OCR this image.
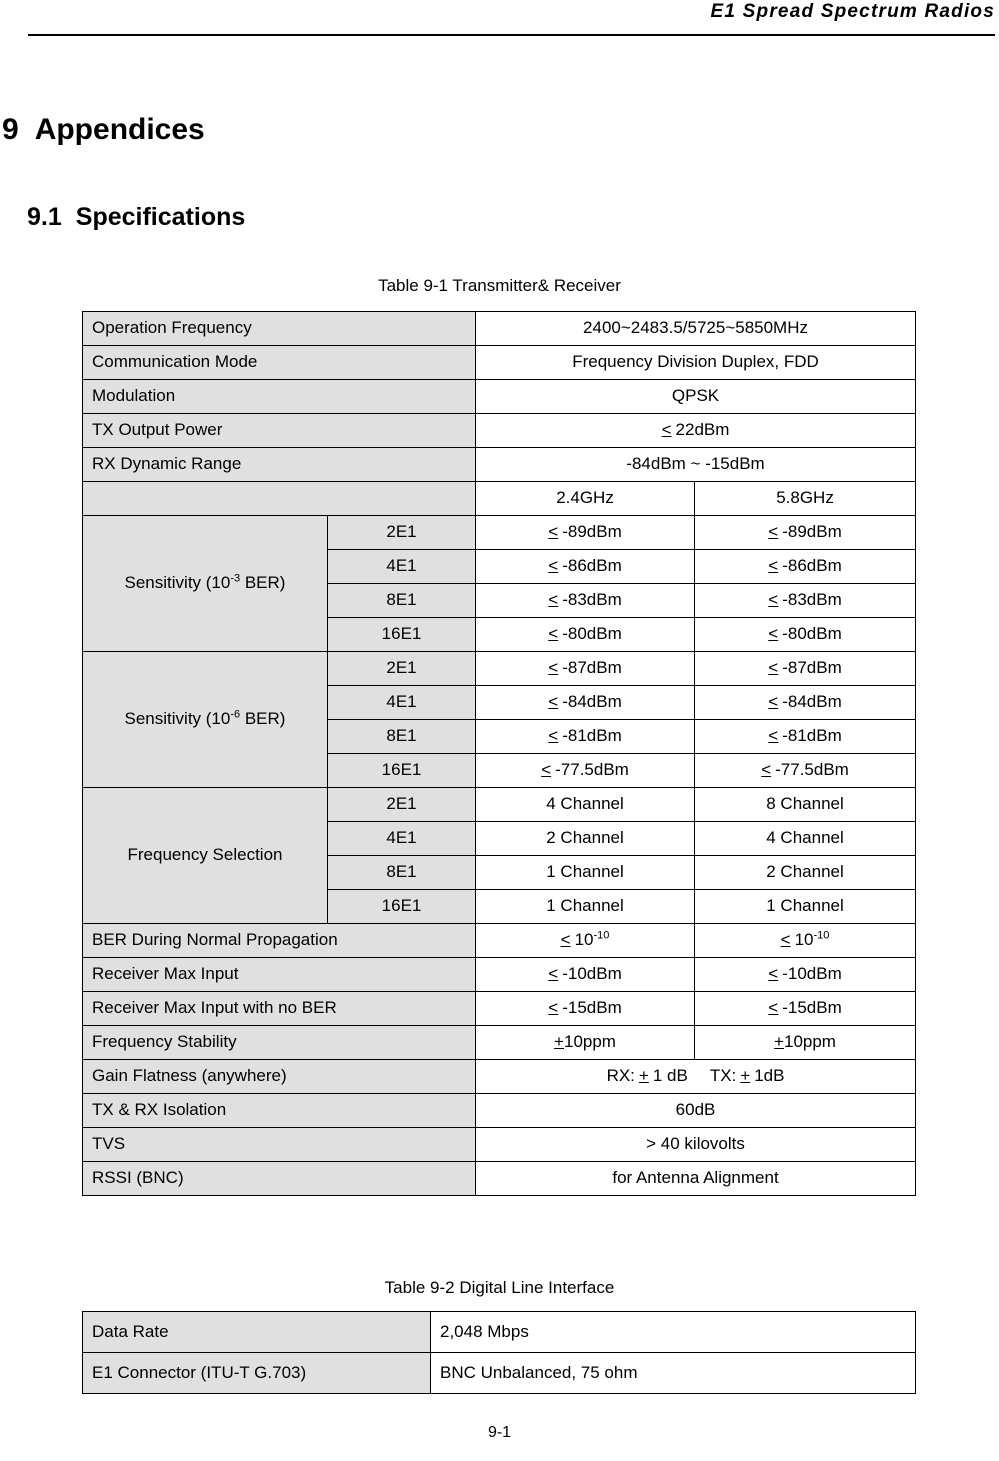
E1 Spread Spectrum Radios
9 Appendices
9.1 Specifications
Table 9-1 Transmitter& Receiver
Operation Frequency		2400~2483.5/5725~5850MHz	
Communication Mode		Frequency Division Duplex, FDD	
Modulation		QPSK	
TX Output Power		≤ 22dBm	
RX Dynamic Range		-84dBm ~ -15dBm	
		2.4GHz	5.8GHz
Sensitivity ($10^{-3}$ BER)	2E1	≤ -89dBm	≤ -89dBm
	4E1	≤ -86dBm	≤ -86dBm
	8E1	≤ -83dBm	≤ -83dBm
	16E1	≤ -80dBm	≤ -80dBm
Sensitivity ($10^{-6}$ BER)	2E1	≤ -87dBm	≤ -87dBm
	4E1	≤ -84dBm	≤ -84dBm
	8E1	≤ -81dBm	≤ -81dBm
	16E1	≤ -77.5dBm	≤ -77.5dBm
Frequency Selection	2E1	4 Channel	8 Channel
	4E1	2 Channel	4 Channel
	8E1	1 Channel	2 Channel
	16E1	1 Channel	1 Channel
BER During Normal Propagation		≤ $10^{-10}$	≤ $10^{-10}$
Receiver Max Input		≤ -10dBm	≤ -10dBm
Receiver Max Input with no BER		≤ -15dBm	≤ -15dBm
Frequency Stability		+10ppm	+10ppm
Gain Flatness (anywhere)		RX: + 1 dB TX: + 1dB	
TX & RX Isolation		60dB	
TVS		> 40 kilovolts	
RSSI (BNC)		for Antenna Alignment	
Table 9-2 Digital Line Interface
Data Rate	2,048 Mbps
E1 Connector (ITU-T G.703)	BNC Unbalanced, 75 ohm
9-1
